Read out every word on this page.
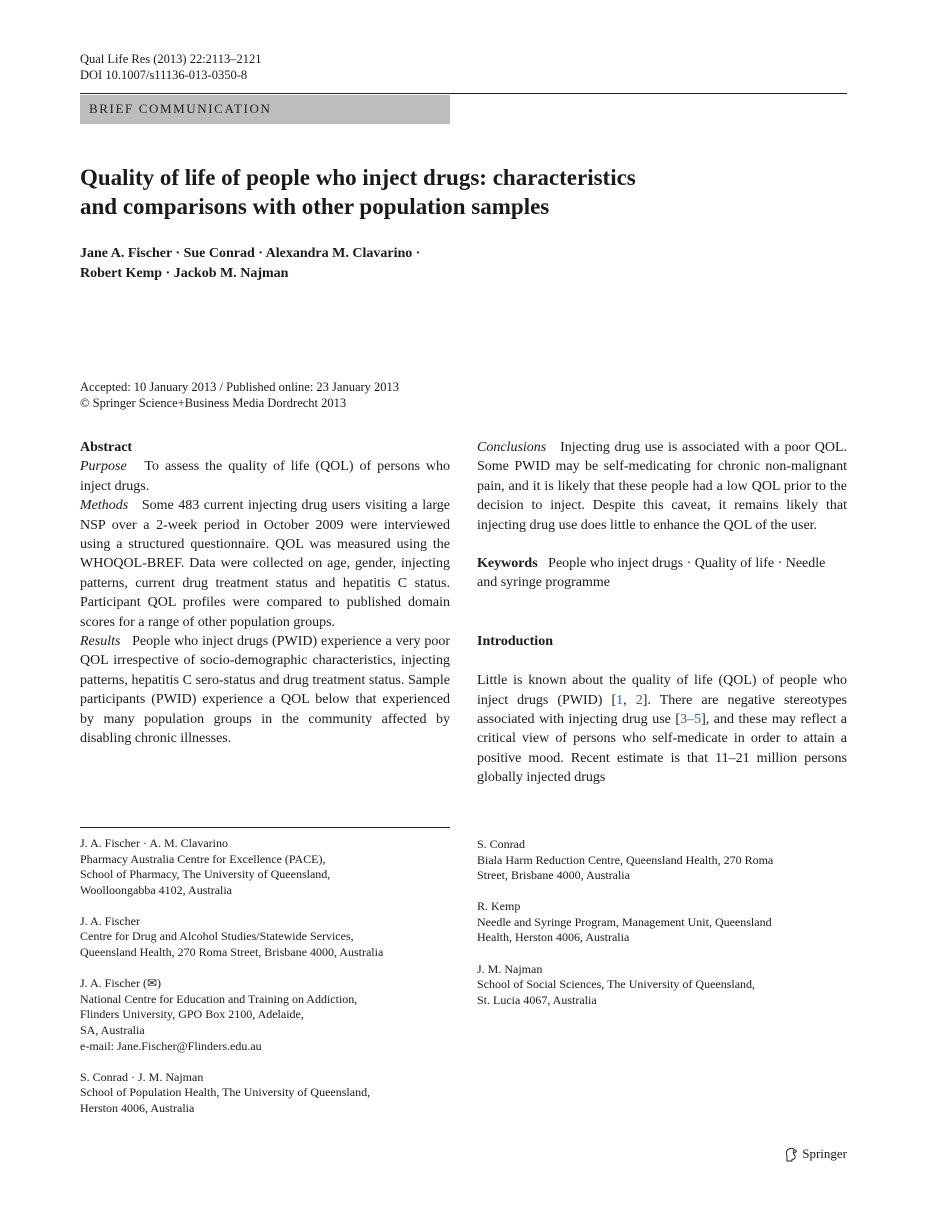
Qual Life Res (2013) 22:2113–2121
DOI 10.1007/s11136-013-0350-8
BRIEF COMMUNICATION
Quality of life of people who inject drugs: characteristics
and comparisons with other population samples
Jane A. Fischer · Sue Conrad · Alexandra M. Clavarino ·
Robert Kemp · Jackob M. Najman
Accepted: 10 January 2013 / Published online: 23 January 2013
© Springer Science+Business Media Dordrecht 2013
Abstract

Purpose To assess the quality of life (QOL) of persons who inject drugs.

Methods Some 483 current injecting drug users visiting a large NSP over a 2-week period in October 2009 were interviewed using a structured questionnaire. QOL was measured using the WHOQOL-BREF. Data were collected on age, gender, injecting patterns, current drug treatment status and hepatitis C status. Participant QOL profiles were compared to published domain scores for a range of other population groups.

Results People who inject drugs (PWID) experience a very poor QOL irrespective of socio-demographic characteristics, injecting patterns, hepatitis C sero-status and drug treatment status. Sample participants (PWID) experience a QOL below that experienced by many population groups in the community affected by disabling chronic illnesses.

Conclusions Injecting drug use is associated with a poor QOL. Some PWID may be self-medicating for chronic non-malignant pain, and it is likely that these people had a low QOL prior to the decision to inject. Despite this caveat, it remains likely that injecting drug use does little to enhance the QOL of the user.

Keywords People who inject drugs · Quality of life · Needle and syringe programme

Introduction

Little is known about the quality of life (QOL) of people who inject drugs (PWID) [1, 2]. There are negative stereotypes associated with injecting drug use [3–5], and these may reflect a critical view of persons who self-medicate in order to attain a positive mood. Recent estimate is that 11–21 million persons globally injected drugs

J. A. Fischer · A. M. Clavarino
Pharmacy Australia Centre for Excellence (PACE),
School of Pharmacy, The University of Queensland,
Woolloongabba 4102, Australia
J. A. Fischer
Centre for Drug and Alcohol Studies/Statewide Services,
Queensland Health, 270 Roma Street, Brisbane 4000, Australia
J. A. Fischer (✉)
National Centre for Education and Training on Addiction,
Flinders University, GPO Box 2100, Adelaide,
SA, Australia
e-mail: Jane.Fischer@Flinders.edu.au
S. Conrad · J. M. Najman
School of Population Health, The University of Queensland,
Herston 4006, Australia
S. Conrad
Biala Harm Reduction Centre, Queensland Health, 270 Roma
Street, Brisbane 4000, Australia
R. Kemp
Needle and Syringe Program, Management Unit, Queensland
Health, Herston 4006, Australia
J. M. Najman
School of Social Sciences, The University of Queensland,
St. Lucia 4067, Australia
Springer
